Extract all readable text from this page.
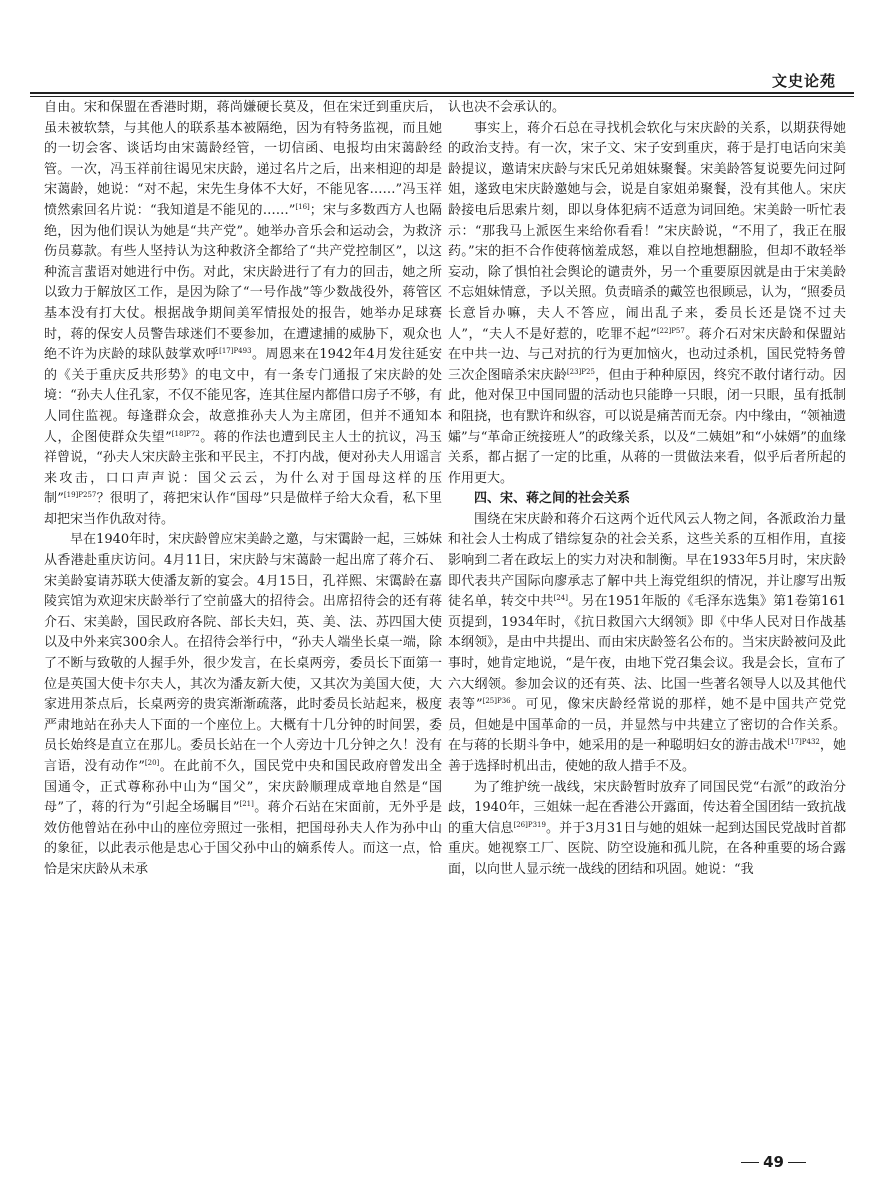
文史论苑

自由。宋和保盟在香港时期，蒋尚嫌硬长莫及，但在宋迁到重庆后，虽未被软禁，与其他人的联系基本被隔绝，因为有特务监视，而且她的一切会客、谈话均由宋蔼龄经管，一切信函、电报均由宋蔼龄经管。一次，冯玉祥前往谒见宋庆龄，递过名片之后，出来相迎的却是宋蔼龄，她说：“对不起，宋先生身体不大好，不能见客……”冯玉祥愤然索回名片说：“我知道是不能见的……”[16]；宋与多数西方人也隔绝，因为他们误认为她是“共产党”。她举办音乐会和运动会，为救济伤员募款。有些人坚持认为这种救济全都给了“共产党控制区”，以这种流言蜚语对她进行中伤。对此，宋庆龄进行了有力的回击，她之所以致力于解放区工作，是因为除了“一号作战”等少数战役外，蒋管区基本没有打大仗。根据战争期间美军情报处的报告，她举办足球赛时，蒋的保安人员警告球迷们不要参加，在遭逮捕的威胁下，观众也绝不许为庆龄的球队鼓掌欢呼$^{[17]P493}$。周恩来在1942年4月发往延安的《关于重庆反共形势》的电文中，有一条专门通报了宋庆龄的处境：“孙夫人住孔家，不仅不能见客，连其住屋内都借口房子不够，有人同住监视。每逢群众会，故意推孙夫人为主席团，但并不通知本人，企图使群众失望”$^{[18]P72}$。蒋的作法也遭到民主人士的抗议，冯玉祥曾说，“孙夫人宋庆龄主张和平民主，不打内战，便对孙夫人用谣言来攻击，口口声声说：国父云云，为什么对于国母这样的压制”$^{[19]P257}$？很明了，蒋把宋认作“国母”只是做样子给大众看，私下里却把宋当作仇敌对待。

早在1940年时，宋庆龄曾应宋美龄之邀，与宋霭龄一起，三姊妹从香港赴重庆访问。4月11日，宋庆龄与宋蔼龄一起出席了蒋介石、宋美龄宴请苏联大使潘友新的宴会。4月15日，孔祥熙、宋霭龄在嘉陵宾馆为欢迎宋庆龄举行了空前盛大的招待会。出席招待会的还有蒋介石、宋美龄，国民政府各院、部长夫妇，英、美、法、苏四国大使以及中外来宾300余人。在招待会举行中，“孙夫人端坐长桌一端，除了不断与致敬的人握手外，很少发言，在长桌两旁，委员长下面第一位是英国大使卡尔夫人，其次为潘友新大使，又其次为美国大使，大家进用茶点后，长桌两旁的贵宾渐渐疏落，此时委员长站起来，极度严肃地站在孙夫人下面的一个座位上。大概有十几分钟的时间罢，委员长始终是直立在那儿。委员长站在一个人旁边十几分钟之久！没有言语，没有动作”[20]。在此前不久，国民党中央和国民政府曾发出全国通令，正式尊称孙中山为“国父”，宋庆龄顺理成章地自然是“国母”了，蒋的行为“引起全场瞩目”[21]。蒋介石站在宋面前，无外乎是效仿他曾站在孙中山的座位旁照过一张相，把国母孙夫人作为孙中山的象征，以此表示他是忠心于国父孙中山的嫡系传人。而这一点，恰恰是宋庆龄从未承

认也决不会承认的。

事实上，蒋介石总在寻找机会软化与宋庆龄的关系，以期获得她的政治支持。有一次，宋子文、宋子安到重庆，蒋于是打电话向宋美龄提议，邀请宋庆龄与宋氏兄弟姐妹聚餐。宋美龄答复说要先问过阿姐，遂致电宋庆龄邀她与会，说是自家姐弟聚餐，没有其他人。宋庆龄接电后思索片刻，即以身体犯病不适意为词回绝。宋美龄一听忙表示：“那我马上派医生来给你看看！”宋庆龄说，“不用了，我正在服药。”宋的拒不合作使蒋恼羞成怒，难以自控地想翻脸，但却不敢轻举妄动，除了惧怕社会舆论的谴责外，另一个重要原因就是由于宋美龄不忘姐妹情意，予以关照。负责暗杀的戴笠也很顾忌，认为，“照委员长意旨办嘛，夫人不答应，闹出乱子来，委员长还是饶不过夫人”，“夫人不是好惹的，吃罪不起”$^{[22]P57}$。蒋介石对宋庆龄和保盟站在中共一边、与己对抗的行为更加恼火，也动过杀机，国民党特务曾三次企图暗杀宋庆龄$^{[23]P25}$，但由于种种原因，终究不敢付诸行动。因此，他对保卫中国同盟的活动也只能睁一只眼，闭一只眼，虽有抵制和阻挠，也有默许和纵容，可以说是痛苦而无奈。内中缘由，“领袖遗孀”与“革命正统接班人”的政缘关系，以及“二姨姐”和“小妹婿”的血缘关系，都占据了一定的比重，从蒋的一贯做法来看，似乎后者所起的作用更大。

四、宋、蒋之间的社会关系

围绕在宋庆龄和蒋介石这两个近代风云人物之间，各派政治力量和社会人士构成了错综复杂的社会关系，这些关系的互相作用，直接影响到二者在政坛上的实力对决和制衡。早在1933年5月时，宋庆龄即代表共产国际向廖承志了解中共上海党组织的情况，并让廖写出叛徒名单，转交中共[24]。另在1951年版的《毛泽东选集》第1卷第161页提到，1934年时，《抗日救国六大纲领》即《中华人民对日作战基本纲领》，是由中共提出、而由宋庆龄签名公布的。当宋庆龄被问及此事时，她肯定地说，“是午夜，由地下党召集会议。我是会长，宣布了六大纲领。参加会议的还有英、法、比国一些著名领导人以及其他代表等”$^{[25]P36}$。可见，像宋庆龄经常说的那样，她不是中国共产党党员，但她是中国革命的一员，并显然与中共建立了密切的合作关系。在与蒋的长期斗争中，她采用的是一种聪明妇女的游击战术$^{[17]P432}$，她善于选择时机出击，使她的敌人措手不及。

为了维护统一战线，宋庆龄暂时放弃了同国民党“右派”的政治分歧，1940年，三姐妹一起在香港公开露面，传达着全国团结一致抗战的重大信息$^{[26]P319}$。并于3月31日与她的姐妹一起到达国民党战时首都重庆。她视察工厂、医院、防空设施和孤儿院，在各种重要的场合露面，以向世人显示统一战线的团结和巩固。她说：“我

49
